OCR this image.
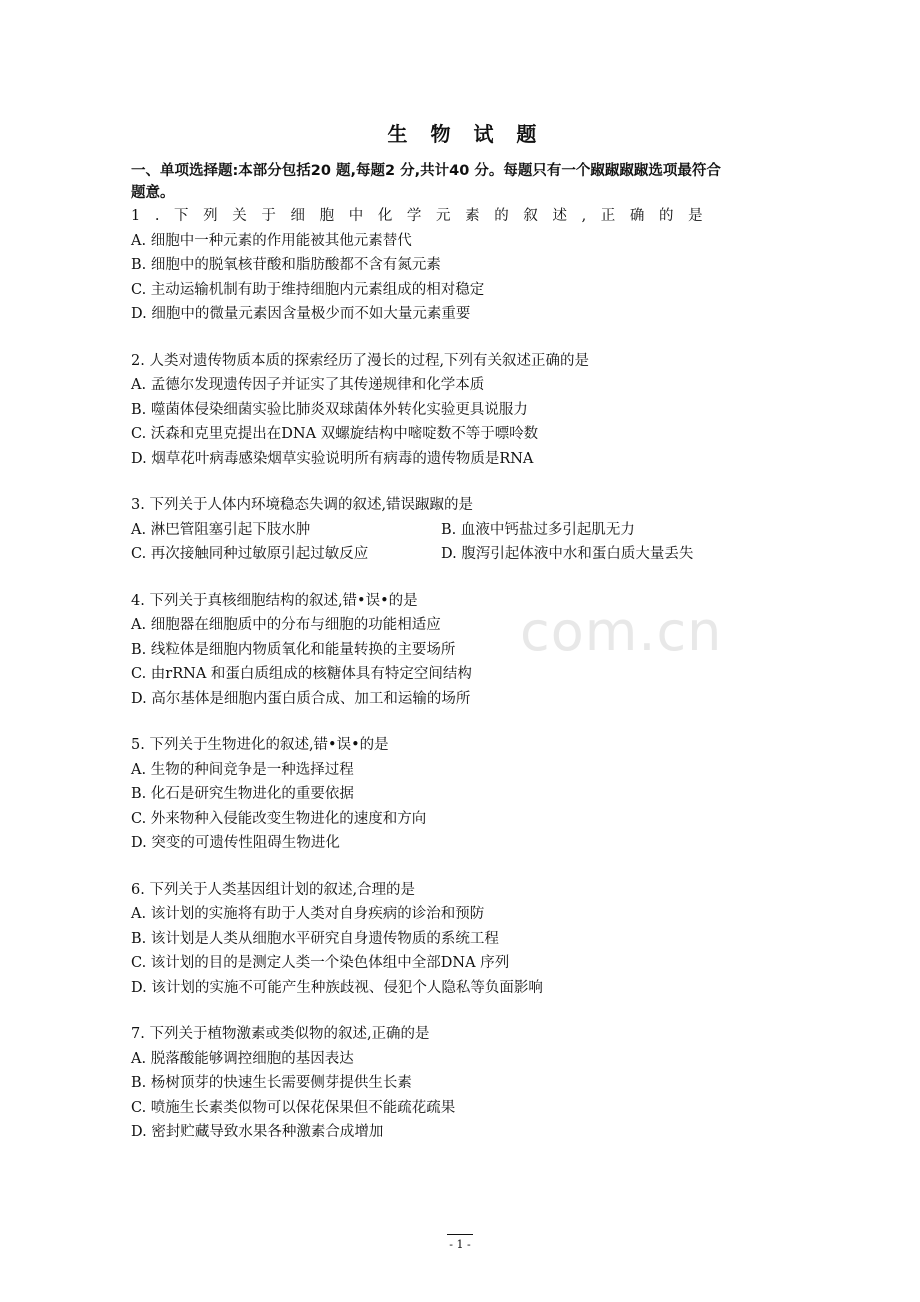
com.cn
生 物 试 题
一、单项选择题:本部分包括20 题,每题2 分,共计40 分。每题只有一个踧踧踧踧选项最符合
题意。
1 . 下 列 关 于 细 胞 中 化 学 元 素 的 叙 述 , 正 确 的 是
A. 细胞中一种元素的作用能被其他元素替代
B. 细胞中的脱氧核苷酸和脂肪酸都不含有氮元素
C. 主动运输机制有助于维持细胞内元素组成的相对稳定
D. 细胞中的微量元素因含量极少而不如大量元素重要
2. 人类对遗传物质本质的探索经历了漫长的过程,下列有关叙述正确的是
A. 孟德尔发现遗传因子并证实了其传递规律和化学本质
B. 噬菌体侵染细菌实验比肺炎双球菌体外转化实验更具说服力
C. 沃森和克里克提出在DNA 双螺旋结构中嘧啶数不等于嘌呤数
D. 烟草花叶病毒感染烟草实验说明所有病毒的遗传物质是RNA
3. 下列关于人体内环境稳态失调的叙述,错误踧踧的是
A. 淋巴管阻塞引起下肢水肿	B. 血液中钙盐过多引起肌无力
C. 再次接触同种过敏原引起过敏反应	D. 腹泻引起体液中水和蛋白质大量丢失
4. 下列关于真核细胞结构的叙述,错•误•的是
A. 细胞器在细胞质中的分布与细胞的功能相适应
B. 线粒体是细胞内物质氧化和能量转换的主要场所
C. 由rRNA 和蛋白质组成的核糖体具有特定空间结构
D. 高尔基体是细胞内蛋白质合成、加工和运输的场所
5. 下列关于生物进化的叙述,错•误•的是
A. 生物的种间竞争是一种选择过程
B. 化石是研究生物进化的重要依据
C. 外来物种入侵能改变生物进化的速度和方向
D. 突变的可遗传性阻碍生物进化
6. 下列关于人类基因组计划的叙述,合理的是
A. 该计划的实施将有助于人类对自身疾病的诊治和预防
B. 该计划是人类从细胞水平研究自身遗传物质的系统工程
C. 该计划的目的是测定人类一个染色体组中全部DNA 序列
D. 该计划的实施不可能产生种族歧视、侵犯个人隐私等负面影响
7. 下列关于植物激素或类似物的叙述,正确的是
A. 脱落酸能够调控细胞的基因表达
B. 杨树顶芽的快速生长需要侧芽提供生长素
C. 喷施生长素类似物可以保花保果但不能疏花疏果
D. 密封贮藏导致水果各种激素合成增加
- 1 -
